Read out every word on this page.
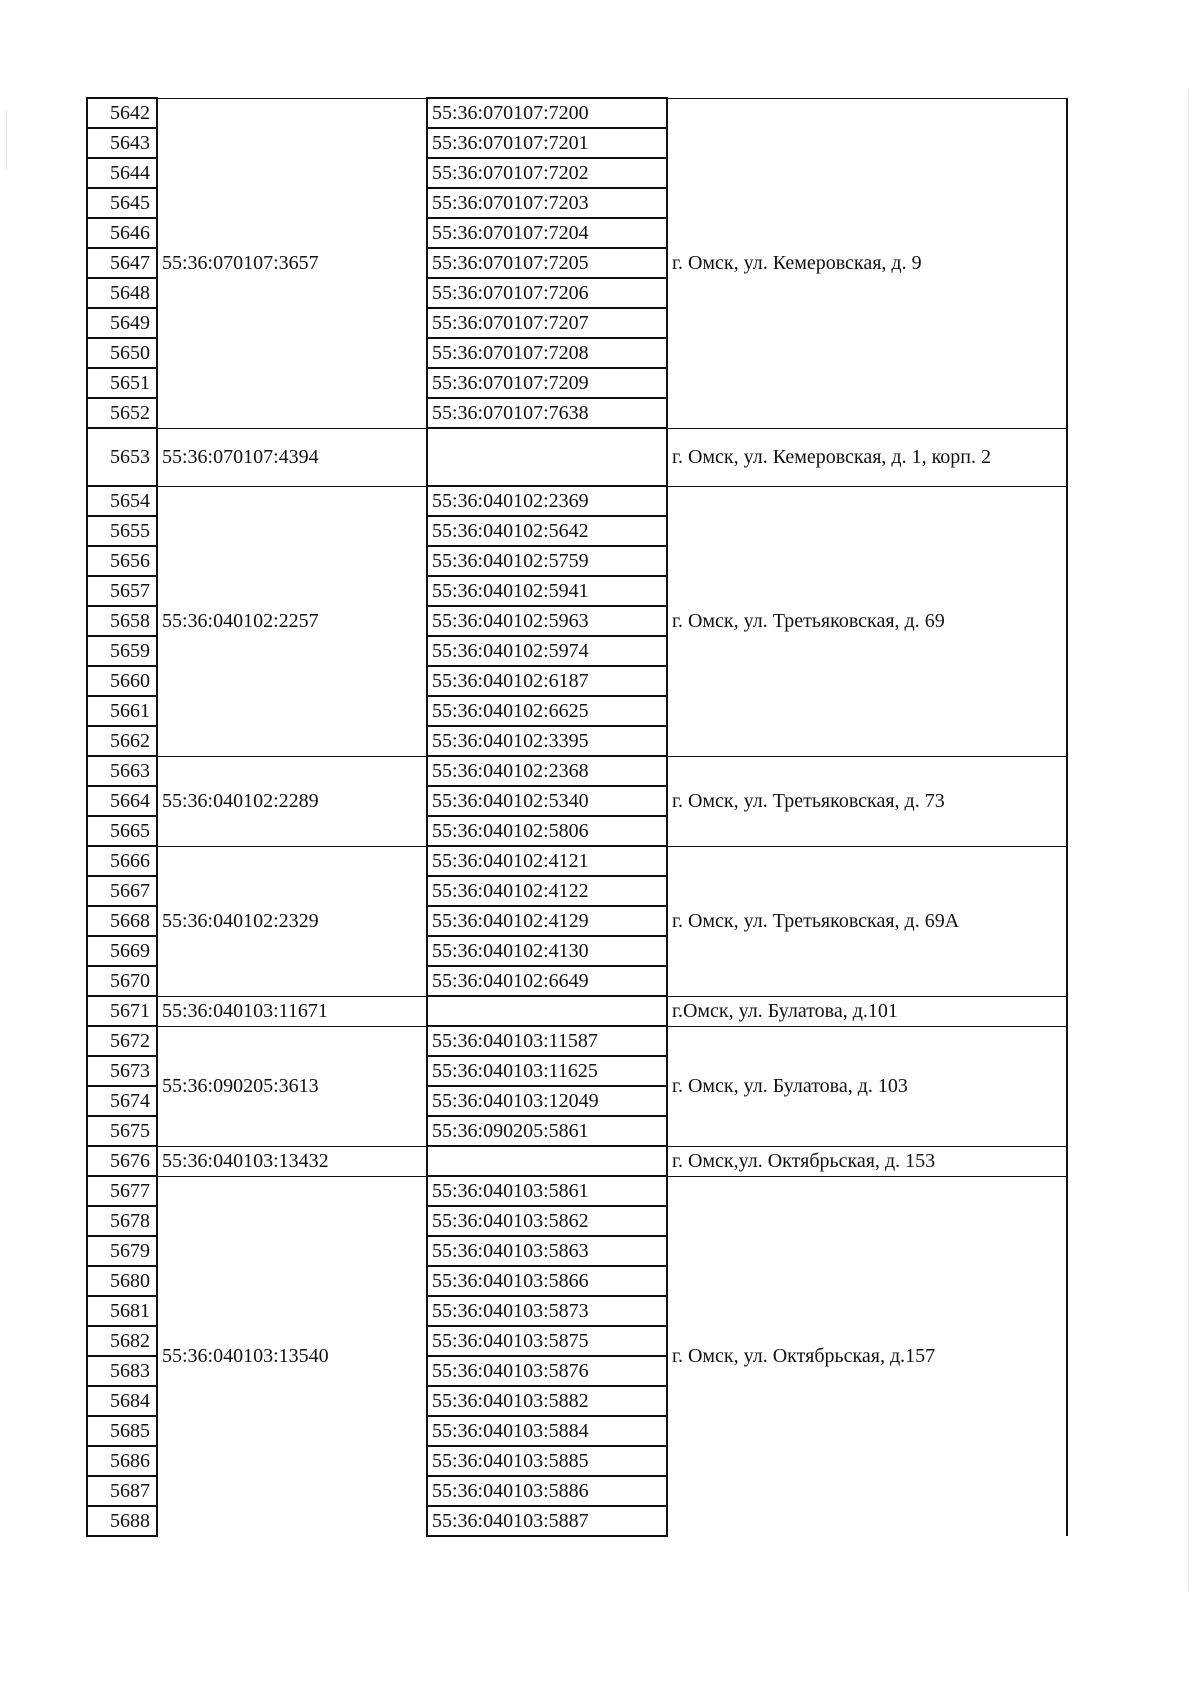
5642	55:36:070107:3657	55:36:070107:7200	г. Омск, ул. Кемеровская, д. 9
5643		55:36:070107:7201	
5644		55:36:070107:7202	
5645		55:36:070107:7203	
5646		55:36:070107:7204	
5647		55:36:070107:7205	
5648		55:36:070107:7206	
5649		55:36:070107:7207	
5650		55:36:070107:7208	
5651		55:36:070107:7209	
5652		55:36:070107:7638	
5653	55:36:070107:4394		г. Омск, ул. Кемеровская, д. 1, корп. 2
5654	55:36:040102:2257	55:36:040102:2369	г. Омск, ул. Третьяковская, д. 69
5655		55:36:040102:5642	
5656		55:36:040102:5759	
5657		55:36:040102:5941	
5658		55:36:040102:5963	
5659		55:36:040102:5974	
5660		55:36:040102:6187	
5661		55:36:040102:6625	
5662		55:36:040102:3395	
5663	55:36:040102:2289	55:36:040102:2368	г. Омск, ул. Третьяковская, д. 73
5664		55:36:040102:5340	
5665		55:36:040102:5806	
5666	55:36:040102:2329	55:36:040102:4121	г. Омск, ул. Третьяковская, д. 69А
5667		55:36:040102:4122	
5668		55:36:040102:4129	
5669		55:36:040102:4130	
5670		55:36:040102:6649	
5671	55:36:040103:11671		г.Омск, ул. Булатова, д.101
5672	55:36:090205:3613	55:36:040103:11587	г. Омск, ул. Булатова, д. 103
5673		55:36:040103:11625	
5674		55:36:040103:12049	
5675		55:36:090205:5861	
5676	55:36:040103:13432		г. Омск,ул. Октябрьская, д. 153
5677	55:36:040103:13540	55:36:040103:5861	г. Омск, ул. Октябрьская, д.157
5678		55:36:040103:5862	
5679		55:36:040103:5863	
5680		55:36:040103:5866	
5681		55:36:040103:5873	
5682		55:36:040103:5875	
5683		55:36:040103:5876	
5684		55:36:040103:5882	
5685		55:36:040103:5884	
5686		55:36:040103:5885	
5687		55:36:040103:5886	
5688		55:36:040103:5887	
